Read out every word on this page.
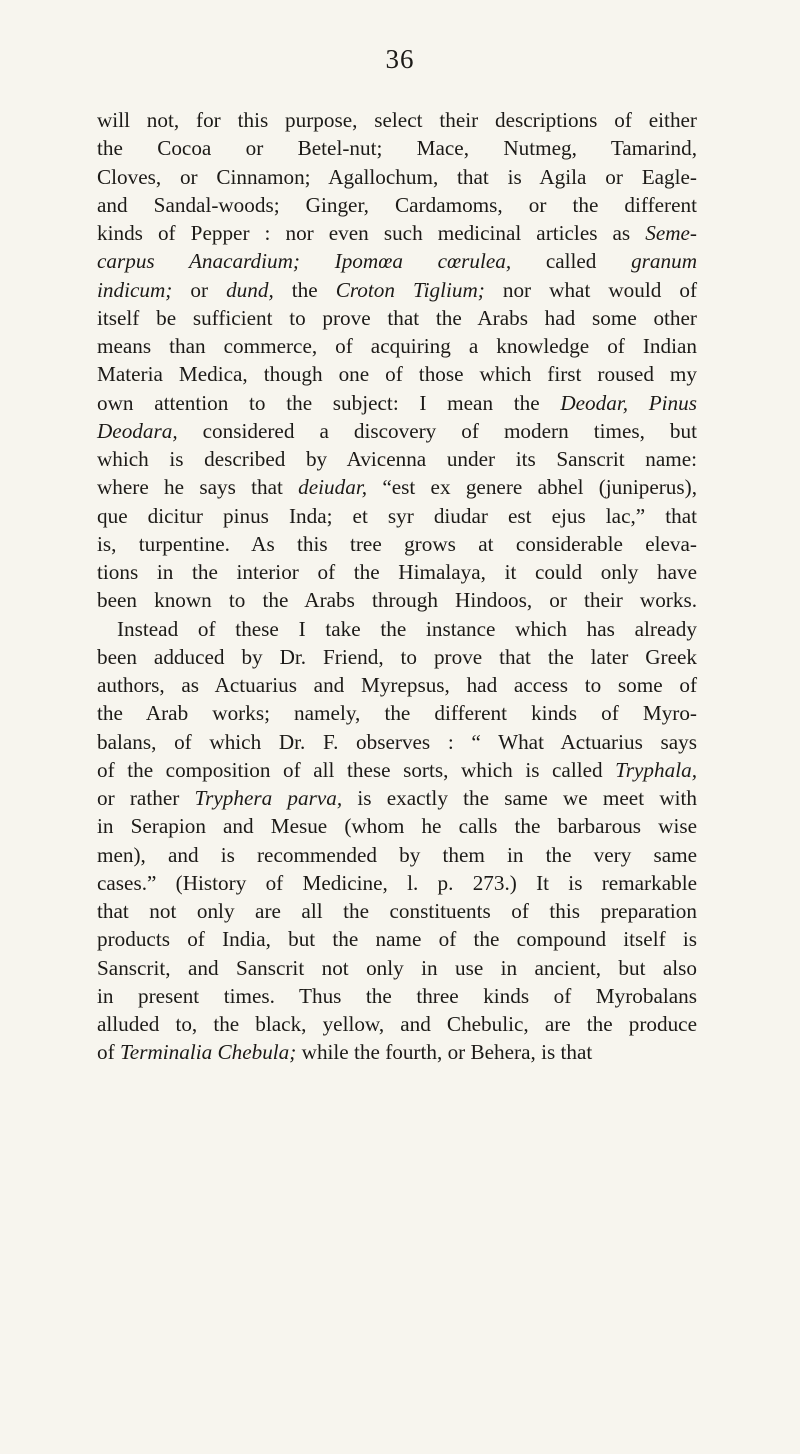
36
will not, for this purpose, select their descriptions of either
the Cocoa or Betel-nut; Mace, Nutmeg, Tamarind,
Cloves, or Cinnamon; Agallochum, that is Agila or Eagle-
and Sandal-woods; Ginger, Cardamoms, or the different
kinds of Pepper : nor even such medicinal articles as Seme-
carpus Anacardium; Ipomœa cœrulea, called granum
indicum; or dund, the Croton Tiglium; nor what would of
itself be sufficient to prove that the Arabs had some other
means than commerce, of acquiring a knowledge of Indian
Materia Medica, though one of those which first roused my
own attention to the subject: I mean the Deodar, Pinus
Deodara, considered a discovery of modern times, but
which is described by Avicenna under its Sanscrit name:
where he says that deiudar, “est ex genere abhel (juniperus),
que dicitur pinus Inda; et syr diudar est ejus lac,” that
is, turpentine. As this tree grows at considerable eleva-
tions in the interior of the Himalaya, it could only have
been known to the Arabs through Hindoos, or their works.
Instead of these I take the instance which has already
been adduced by Dr. Friend, to prove that the later Greek
authors, as Actuarius and Myrepsus, had access to some of
the Arab works; namely, the different kinds of Myro-
balans, of which Dr. F. observes : “ What Actuarius says
of the composition of all these sorts, which is called Tryphala,
or rather Tryphera parva, is exactly the same we meet with
in Serapion and Mesue (whom he calls the barbarous wise
men), and is recommended by them in the very same
cases.” (History of Medicine, l. p. 273.) It is remarkable
that not only are all the constituents of this preparation
products of India, but the name of the compound itself is
Sanscrit, and Sanscrit not only in use in ancient, but also
in present times. Thus the three kinds of Myrobalans
alluded to, the black, yellow, and Chebulic, are the produce
of Terminalia Chebula; while the fourth, or Behera, is that
